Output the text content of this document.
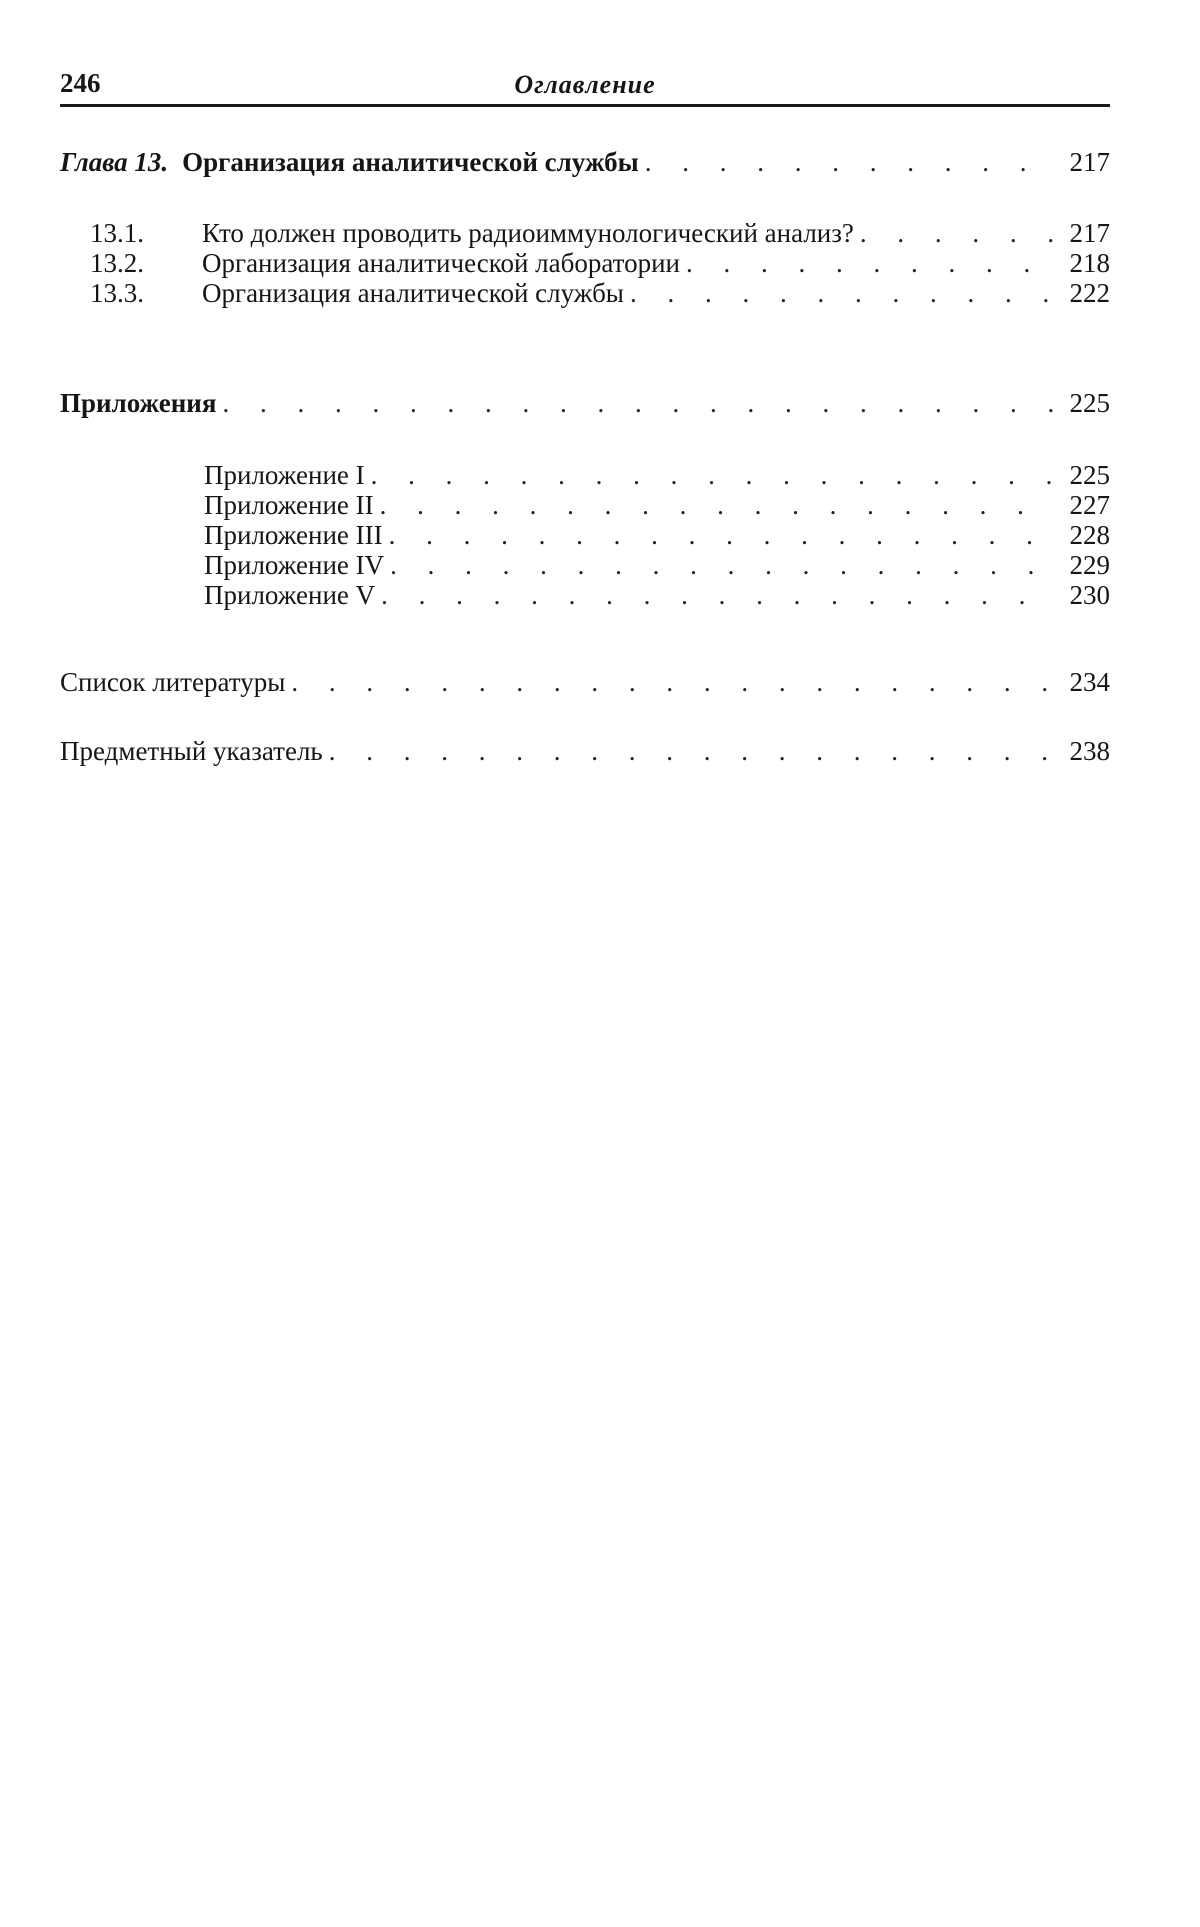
246	Оглавление
Глава 13. Организация аналитической службы . . .	217
13.1.	Кто должен проводить радиоиммунологический анализ? . . .	217
13.2.	Организация аналитической лаборатории . . .	218
13.3.	Организация аналитической службы . . .	222
Приложения . . .	225
Приложение I . . .	225
Приложение II . . .	227
Приложение III . . .	228
Приложение IV . . .	229
Приложение V . . .	230
Список литературы . . .	234
Предметный указатель . . .	238
